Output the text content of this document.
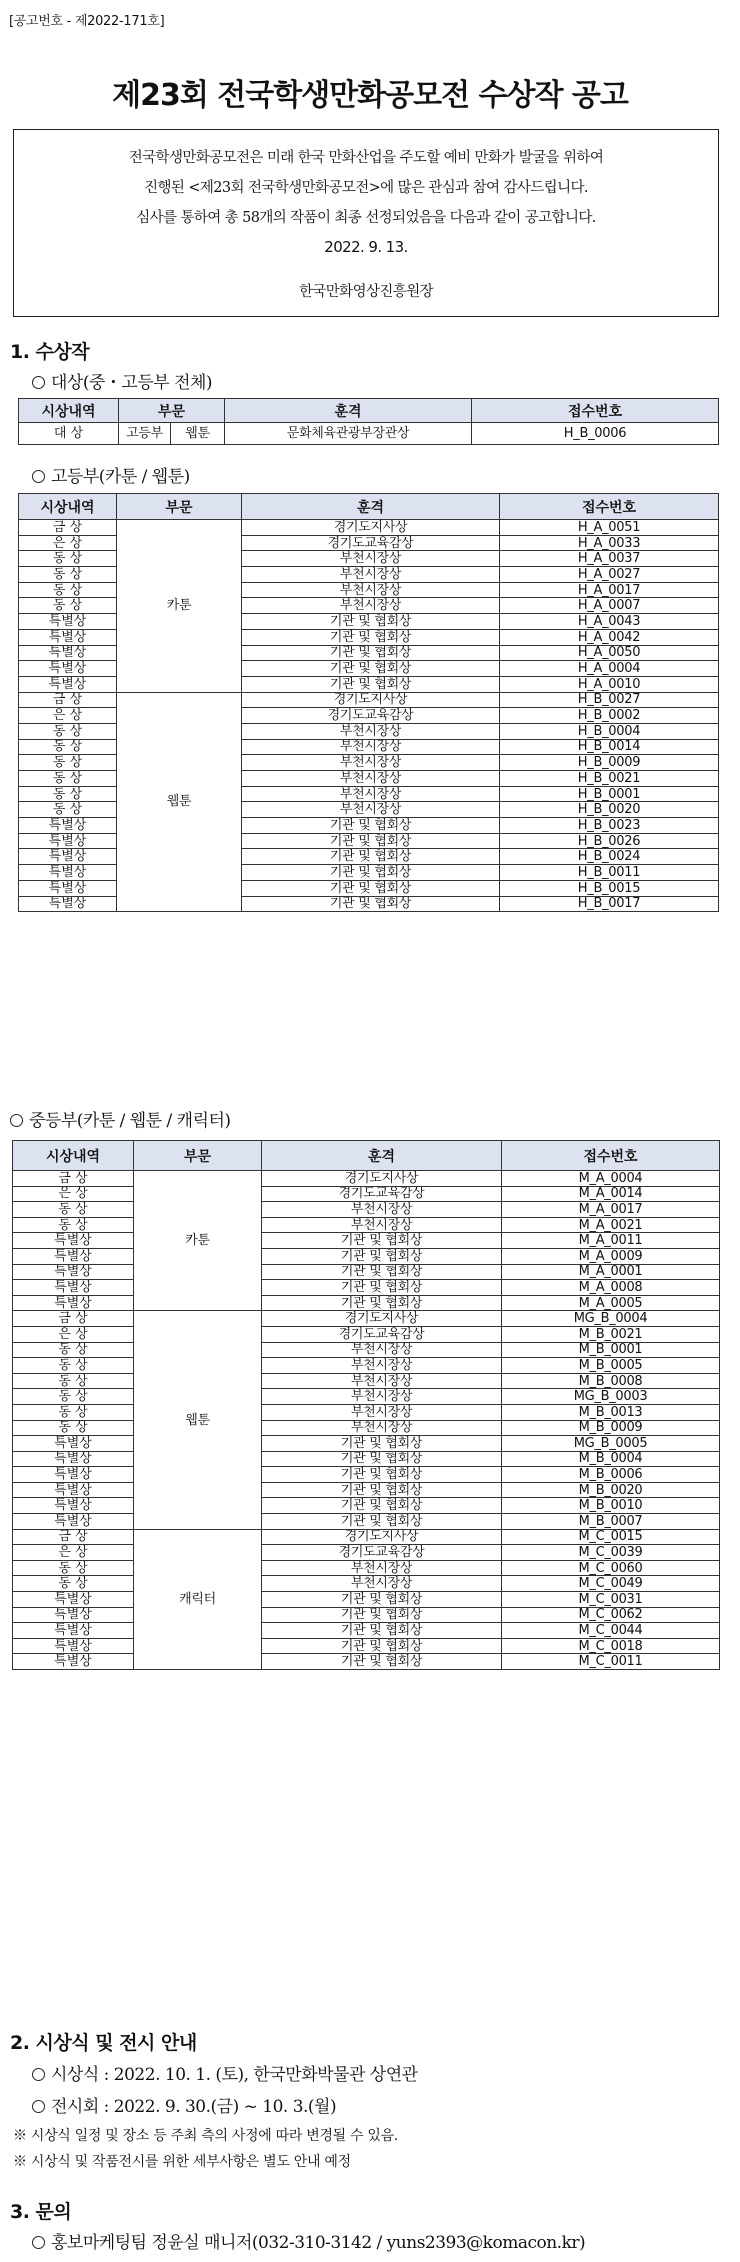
[공고번호 - 제2022-171호]
제23회 전국학생만화공모전 수상작 공고
전국학생만화공모전은 미래 한국 만화산업을 주도할 예비 만화가 발굴을 위하여
진행된 <제23회 전국학생만화공모전>에 많은 관심과 참여 감사드립니다.
심사를 통하여 총 58개의 작품이 최종 선정되었음을 다음과 같이 공고합니다.
2022. 9. 13.
한국만화영상진흥원장
1. 수상작
대상(중・고등부 전체)
시상내역	부문		훈격	접수번호
대 상	고등부	웹툰	문화체육관광부장관상	H_B_0006
고등부(카툰 / 웹툰)
시상내역	부문	훈격	접수번호
금 상	카툰	경기도지사상	H_A_0051
은 상		경기도교육감상	H_A_0033
동 상		부천시장상	H_A_0037
동 상		부천시장상	H_A_0027
동 상		부천시장상	H_A_0017
동 상		부천시장상	H_A_0007
특별상		기관 및 협회상	H_A_0043
특별상		기관 및 협회상	H_A_0042
특별상		기관 및 협회상	H_A_0050
특별상		기관 및 협회상	H_A_0004
특별상		기관 및 협회상	H_A_0010
금 상	웹툰	경기도지사상	H_B_0027
은 상		경기도교육감상	H_B_0002
동 상		부천시장상	H_B_0004
동 상		부천시장상	H_B_0014
동 상		부천시장상	H_B_0009
동 상		부천시장상	H_B_0021
동 상		부천시장상	H_B_0001
동 상		부천시장상	H_B_0020
특별상		기관 및 협회상	H_B_0023
특별상		기관 및 협회상	H_B_0026
특별상		기관 및 협회상	H_B_0024
특별상		기관 및 협회상	H_B_0011
특별상		기관 및 협회상	H_B_0015
특별상		기관 및 협회상	H_B_0017
중등부(카툰 / 웹툰 / 캐릭터)
시상내역	부문	훈격	접수번호
금 상	카툰	경기도지사상	M_A_0004
은 상		경기도교육감상	M_A_0014
동 상		부천시장상	M_A_0017
동 상		부천시장상	M_A_0021
특별상		기관 및 협회상	M_A_0011
특별상		기관 및 협회상	M_A_0009
특별상		기관 및 협회상	M_A_0001
특별상		기관 및 협회상	M_A_0008
특별상		기관 및 협회상	M_A_0005
금 상	웹툰	경기도지사상	MG_B_0004
은 상		경기도교육감상	M_B_0021
동 상		부천시장상	M_B_0001
동 상		부천시장상	M_B_0005
동 상		부천시장상	M_B_0008
동 상		부천시장상	MG_B_0003
동 상		부천시장상	M_B_0013
동 상		부천시장상	M_B_0009
특별상		기관 및 협회상	MG_B_0005
특별상		기관 및 협회상	M_B_0004
특별상		기관 및 협회상	M_B_0006
특별상		기관 및 협회상	M_B_0020
특별상		기관 및 협회상	M_B_0010
특별상		기관 및 협회상	M_B_0007
금 상	캐릭터	경기도지사상	M_C_0015
은 상		경기도교육감상	M_C_0039
동 상		부천시장상	M_C_0060
동 상		부천시장상	M_C_0049
특별상		기관 및 협회상	M_C_0031
특별상		기관 및 협회상	M_C_0062
특별상		기관 및 협회상	M_C_0044
특별상		기관 및 협회상	M_C_0018
특별상		기관 및 협회상	M_C_0011
2. 시상식 및 전시 안내
시상식 : 2022. 10. 1. (토), 한국만화박물관 상연관
전시회 : 2022. 9. 30.(금) ~ 10. 3.(월)
※ 시상식 일정 및 장소 등 주최 측의 사정에 따라 변경될 수 있음.
※ 시상식 및 작품전시를 위한 세부사항은 별도 안내 예정
3. 문의
홍보마케팅팀 정윤실 매니저(032-310-3142 / yuns2393@komacon.kr)
